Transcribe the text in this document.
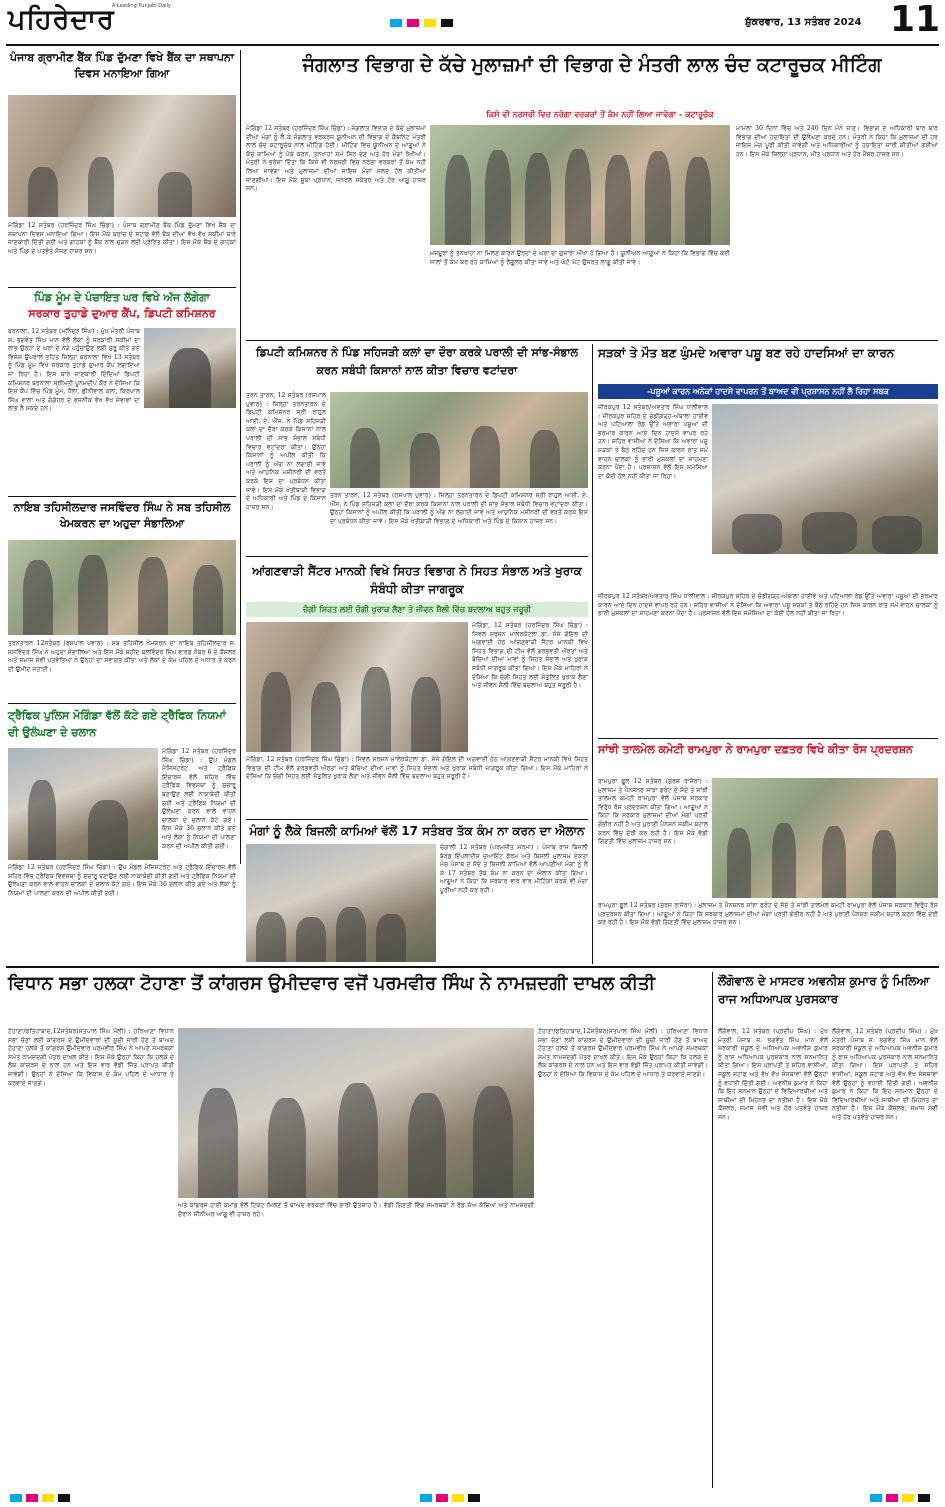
ਪਹਿਰੇਦਾਰ
A Leading Punjabi Daily

ਸ਼ੁੱਕਰਵਾਰ, 13 ਸਤੰਬਰ 2024 11
ਪੰਜਾਬ ਗ੍ਰਾਮੀਣ ਬੈਂਕ ਪਿੰਡ ਦੁੱਮਣਾ ਵਿਖੇ ਬੈਂਕ ਦਾ ਸਥਾਪਨਾ ਦਿਵਸ ਮਨਾਇਆ ਗਿਆ
ਮੋਗਿੰਡਾ 12 ਸਤੰਬਰ (ਹਰਜਿੰਦਰ ਸਿੰਘ ਚਿੰਡਾ) : ਪੰਜਾਬ ਗ੍ਰਾਮੀਣ ਬੈਂਕ ਪਿੰਡ ਦੁੱਮਣਾ ਵਿਖੇ ਬੈਂਕ ਦਾ ਸਥਾਪਨਾ ਦਿਵਸ ਮਨਾਇਆ ਗਿਆ। ਇਸ ਮੌਕੇ ਬਰਾਂਚ ਦੇ ਸਟਾਫ ਵੱਲੋਂ ਬੈਂਕ ਦੀਆਂ ਵੱਖ ਵੱਖ ਸਕੀਮਾਂ ਬਾਰੇ ਜਾਣਕਾਰੀ ਦਿੱਤੀ ਗਈ ਅਤੇ ਗਾਹਕਾਂ ਨੂੰ ਬੈਂਕ ਨਾਲ ਜੁੜਨ ਲਈ ਪ੍ਰੇਰਿਤ ਕੀਤਾ। ਇਸ ਮੌਕੇ ਬੈਂਕ ਦੇ ਗਾਹਕਾਂ ਅਤੇ ਪਿੰਡ ਦੇ ਪਤਵੰਤੇ ਸੱਜਣ ਹਾਜ਼ਰ ਸਨ।
ਪਿੰਡ ਮੂੰਮ ਦੇ ਪੰਚਾਇਤ ਘਰ ਵਿਖੇ ਅੱਜ ਲੱਗੇਗਾ
ਸਰਕਾਰ ਤੁਹਾਡੇ ਦੁਆਰ ਕੈਂਪ, ਡਿਪਟੀ ਕਮਿਸ਼ਨਰ
ਬਰਨਾਲਾ, 12 ਸਤੰਬਰ (ਮਨਿੰਦਰ ਸਿੰਘ) : ਮੁੱਖ ਮੰਤਰੀ ਪੰਜਾਬ ਸ. ਭਗਵੰਤ ਸਿੰਘ ਮਾਨ ਵੱਲੋਂ ਲੋਕਾਂ ਨੂੰ ਸਰਕਾਰੀ ਸਕੀਮਾਂ ਦਾ ਲਾਭ ਉਨ੍ਹਾਂ ਦੇ ਘਰਾਂ ਦੇ ਨੇੜੇ ਪਹੁੰਚਾਉਣ ਲਈ ਸ਼ੁਰੂ ਕੀਤੇ ਗਏ ਵਿਸ਼ੇਸ਼ ਉਪਰਾਲੇ ਤਹਿਤ ਜ਼ਿਲ੍ਹਾ ਬਰਨਾਲਾ ਵਿਖੇ 13 ਸਤੰਬਰ ਨੂੰ ਪਿੰਡ ਮੂੰਮ ਵਿਖੇ ਸਰਕਾਰ ਤੁਹਾਡੇ ਦੁਆਰ ਕੈਂਪ ਲਗਾਇਆ ਜਾ ਰਿਹਾ ਹੈ। ਇਸ ਬਾਰੇ ਜਾਣਕਾਰੀ ਦਿੰਦਿਆਂ ਡਿਪਟੀ ਕਮਿਸ਼ਨਰ ਬਰਨਾਲਾ ਸ੍ਰੀਮਤੀ ਪੂਨਮਦੀਪ ਕੌਰ ਨੇ ਦੱਸਿਆ ਕਿ ਇਸ ਕੈਂਪ ਵਿੱਚ ਪਿੰਡ ਮੂੰਮ, ਧੌਲਾ, ਛੀਨੀਵਾਲ ਕਲਾਂ, ਕਿਰਪਾਲ ਸਿੰਘ ਵਾਲਾ ਅਤੇ ਗੰਗੋਹਰ ਦੇ ਵਸਨੀਕ ਵੱਖ ਵੱਖ ਸੇਵਾਵਾਂ ਦਾ ਲਾਭ ਲੈ ਸਕਦੇ ਹਨ।
ਨਾਇਬ ਤਹਿਸੀਲਦਾਰ ਜਸਵਿੰਦਰ ਸਿੰਘ ਨੇ ਸਬ ਤਹਿਸੀਲ ਖੇਮਕਰਨ ਦਾ ਅਹੁਦਾ ਸੰਭਾਲਿਆ
ਤਰਨਤਾਰਨ 12ਸਤੰਬਰ (ਰਸ਼ਪਾਲ ਪਵਾਰ) : ਸਬ ਤਹਿਸੀਲ ਖੇਮਕਰਨ ਦਾ ਨਾਇਬ ਤਹਿਸੀਲਦਾਰ ਸ. ਜਸਵਿੰਦਰ ਸਿੰਘ ਨੇ ਅਹੁਦਾ ਸੰਭਾਲਿਆ ਅਤੇ ਇਸ ਮੌਕੇ ਸ਼ਹੀਦ ਬਲਵਿੰਦਰ ਸਿੰਘ ਵਾਰਡ ਨੰਬਰ 6 ਦੇ ਕੌਂਸਲਰ ਅਤੇ ਸਮਾਜ ਸੇਵੀ ਪਤਵੰਤਿਆਂ ਨੇ ਉਨ੍ਹਾਂ ਦਾ ਸਵਾਗਤ ਕੀਤਾ ਅਤੇ ਲੋਕਾਂ ਦੇ ਕੰਮ ਪਹਿਲ ਦੇ ਅਧਾਰ ਤੇ ਕਰਨ ਦੀ ਉਮੀਦ ਜਤਾਈ।
ਟ੍ਰੈਫਿਕ ਪੁਲਿਸ ਮੋਗਿੰਡਾ ਵੱਲੋਂ ਕੱਟੇ ਗਏ ਟ੍ਰੈਫਿਕ ਨਿਯਮਾਂ ਦੀ ਉਲੰਘਣਾ ਦੇ ਚਲਾਨ
ਮੋਗਿੰਡਾ 12 ਸਤੰਬਰ (ਹਰਜਿੰਦਰ ਸਿੰਘ ਚਿੰਡਾ) : ਉਪ ਮੰਡਲ ਮੈਜਿਸਟਰੇਟ ਅਤੇ ਟ੍ਰੈਫਿਕ ਇੰਚਾਰਜ ਵੱਲੋਂ ਸ਼ਹਿਰ ਵਿੱਚ ਟ੍ਰੈਫਿਕ ਵਿਵਸਥਾ ਨੂੰ ਸੁਚਾਰੂ ਬਣਾਉਣ ਲਈ ਨਾਕਾਬੰਦੀ ਕੀਤੀ ਗਈ ਅਤੇ ਟ੍ਰੈਫਿਕ ਨਿਯਮਾਂ ਦੀ ਉਲੰਘਣਾ ਕਰਨ ਵਾਲੇ ਵਾਹਨ ਚਾਲਕਾਂ ਦੇ ਚਲਾਨ ਕੱਟੇ ਗਏ। ਇਸ ਮੌਕੇ 36 ਚਲਾਨ ਕੀਤੇ ਗਏ ਅਤੇ ਲੋਕਾਂ ਨੂੰ ਨਿਯਮਾਂ ਦੀ ਪਾਲਣਾ ਕਰਨ ਦੀ ਅਪੀਲ ਕੀਤੀ ਗਈ।
ਮੋਗਿੰਡਾ 12 ਸਤੰਬਰ (ਹਰਜਿੰਦਰ ਸਿੰਘ ਚਿੰਡਾ) : ਉਪ ਮੰਡਲ ਮੈਜਿਸਟਰੇਟ ਅਤੇ ਟ੍ਰੈਫਿਕ ਇੰਚਾਰਜ ਵੱਲੋਂ ਸ਼ਹਿਰ ਵਿੱਚ ਟ੍ਰੈਫਿਕ ਵਿਵਸਥਾ ਨੂੰ ਸੁਚਾਰੂ ਬਣਾਉਣ ਲਈ ਨਾਕਾਬੰਦੀ ਕੀਤੀ ਗਈ ਅਤੇ ਟ੍ਰੈਫਿਕ ਨਿਯਮਾਂ ਦੀ ਉਲੰਘਣਾ ਕਰਨ ਵਾਲੇ ਵਾਹਨ ਚਾਲਕਾਂ ਦੇ ਚਲਾਨ ਕੱਟੇ ਗਏ। ਇਸ ਮੌਕੇ 36 ਚਲਾਨ ਕੀਤੇ ਗਏ ਅਤੇ ਲੋਕਾਂ ਨੂੰ ਨਿਯਮਾਂ ਦੀ ਪਾਲਣਾ ਕਰਨ ਦੀ ਅਪੀਲ ਕੀਤੀ ਗਈ।
ਜੰਗਲਾਤ ਵਿਭਾਗ ਦੇ ਕੱਚੇ ਮੁਲਾਜ਼ਮਾਂ ਦੀ ਵਿਭਾਗ ਦੇ ਮੰਤਰੀ ਲਾਲ ਚੰਦ ਕਟਾਰੂਚਕ ਮੀਟਿੰਗ
ਕਿਸੇ ਵੀ ਨਰਸਰੀ ਵਿਚ ਨਰੇਗਾ ਵਰਕਰਾਂ ਤੋਂ ਕੰਮ ਨਹੀਂ ਲਿਆ ਜਾਵੇਗਾ - ਕਟਾਰੂਚੱਕ
ਮੋਗਿੰਡਾ 12 ਸਤੰਬਰ (ਹਰਜਿੰਦਰ ਸਿੰਘ ਚਿੰਡਾ) : ਜੰਗਲਾਤ ਵਿਭਾਗ ਦੇ ਕੱਚੇ ਮੁਲਾਜ਼ਮਾਂ ਦੀਆਂ ਮੰਗਾਂ ਨੂੰ ਲੈ ਕੇ ਜੰਗਲਾਤ ਵਰਕਰਜ਼ ਯੂਨੀਅਨ ਦੀ ਵਿਭਾਗ ਦੇ ਕੈਬਨਿਟ ਮੰਤਰੀ ਲਾਲ ਚੰਦ ਕਟਾਰੂਚੱਕ ਨਾਲ ਮੀਟਿੰਗ ਹੋਈ। ਮੀਟਿੰਗ ਵਿਚ ਯੂਨੀਅਨ ਦੇ ਆਗੂਆਂ ਨੇ ਕੱਚੇ ਕਾਮਿਆਂ ਨੂੰ ਪੱਕੇ ਕਰਨ, ਤਨਖਾਹਾਂ ਸਮੇਂ ਸਿਰ ਦੇਣ ਅਤੇ ਹੋਰ ਮੰਗਾਂ ਰੱਖੀਆਂ। ਮੰਤਰੀ ਨੇ ਭਰੋਸਾ ਦਿੱਤਾ ਕਿ ਕਿਸੇ ਵੀ ਨਰਸਰੀ ਵਿਚ ਨਰੇਗਾ ਵਰਕਰਾਂ ਤੋਂ ਕੰਮ ਨਹੀਂ ਲਿਆ ਜਾਵੇਗਾ ਅਤੇ ਮੁਲਾਜ਼ਮਾਂ ਦੀਆਂ ਜਾਇਜ਼ ਮੰਗਾਂ ਜਲਦ ਹੱਲ ਕੀਤੀਆਂ ਜਾਣਗੀਆਂ। ਇਸ ਮੌਕੇ ਸੂਬਾ ਪ੍ਰਧਾਨ, ਜਨਰਲ ਸਕੱਤਰ ਅਤੇ ਹੋਰ ਆਗੂ ਹਾਜ਼ਰ ਸਨ।
ਮਜ਼ਦੂਰਾਂ ਨੂੰ ਤਨਖਾਹਾਂ ਨਾ ਮਿਲਣ ਕਾਰਨ ਉਨ੍ਹਾਂ ਦੇ ਘਰਾਂ ਦਾ ਗੁਜ਼ਾਰਾ ਔਖਾ ਹੋ ਗਿਆ ਹੈ। ਯੂਨੀਅਨ ਆਗੂਆਂ ਨੇ ਕਿਹਾ ਕਿ ਵਿਭਾਗ ਵਿੱਚ ਕਈ ਸਾਲਾਂ ਤੋਂ ਕੰਮ ਕਰ ਰਹੇ ਕਾਮਿਆਂ ਨੂੰ ਰੈਗੂਲਰ ਕੀਤਾ ਜਾਵੇ ਅਤੇ ਘੱਟੋ ਘੱਟ ਉਜਰਤ ਲਾਗੂ ਕੀਤੀ ਜਾਵੇ।
ਮਾਮਲਾ 30 ਦਿਨਾਂ ਵਿੱਚ ਅਤੇ 240 ਦਿਨ ਮੰਨੇ ਜਾਣ। ਵਿਭਾਗ ਦੇ ਅਧਿਕਾਰੀ ਬਾਰ ਬਾਰ ਵਿਭਾਗ ਦੀਆਂ ਹਦਾਇਤਾਂ ਦੀ ਉਲੰਘਣਾ ਕਰਦੇ ਹਨ। ਮੰਤਰੀ ਨੇ ਕਿਹਾ ਕਿ ਮੁਲਾਜ਼ਮਾਂ ਦੀ ਹਰ ਜਾਇਜ਼ ਮੰਗ ਪੂਰੀ ਕੀਤੀ ਜਾਵੇਗੀ ਅਤੇ ਅਧਿਕਾਰੀਆਂ ਨੂੰ ਹਦਾਇਤਾਂ ਜਾਰੀ ਕੀਤੀਆਂ ਗਈਆਂ ਹਨ। ਇਸ ਮੌਕੇ ਜ਼ਿਲ੍ਹਾ ਪ੍ਰਧਾਨ, ਮੀਤ ਪ੍ਰਧਾਨ ਅਤੇ ਹੋਰ ਮੈਂਬਰ ਹਾਜ਼ਰ ਸਨ।
ਡਿਪਟੀ ਕਮਿਸ਼ਨਰ ਨੇ ਪਿੰਡ ਸਹਿਜੜੀ ਕਲਾਂ ਦਾ ਦੌਰਾ ਕਰਕੇ ਪਰਾਲੀ ਦੀ ਸਾਂਭ-ਸੰਭਾਲ ਕਰਨ ਸਬੰਧੀ ਕਿਸਾਨਾਂ ਨਾਲ ਕੀਤਾ ਵਿਚਾਰ ਵਟਾਂਦਰਾ
ਤਰਨ ਤਾਰਨ, 12 ਸਤੰਬਰ (ਰਸ਼ਪਾਲ ਪੁਵਾਰ) : ਜ਼ਿਲ੍ਹਾ ਤਰਨਤਾਰਨ ਦੇ ਡਿਪਟੀ ਕਮਿਸ਼ਨਰ ਸ੍ਰੀ ਰਾਹੁਲ ਆਈ. ਏ. ਐੱਸ. ਨੇ ਪਿੰਡ ਸਹਿਜੜੀ ਕਲਾਂ ਦਾ ਦੌਰਾ ਕਰਕੇ ਕਿਸਾਨਾਂ ਨਾਲ ਪਰਾਲੀ ਦੀ ਸਾਂਭ ਸੰਭਾਲ ਸਬੰਧੀ ਵਿਚਾਰ ਵਟਾਂਦਰਾ ਕੀਤਾ। ਉਨ੍ਹਾਂ ਕਿਸਾਨਾਂ ਨੂੰ ਅਪੀਲ ਕੀਤੀ ਕਿ ਪਰਾਲੀ ਨੂੰ ਅੱਗ ਨਾ ਲਗਾਈ ਜਾਵੇ ਅਤੇ ਆਧੁਨਿਕ ਮਸ਼ੀਨਰੀ ਦੀ ਵਰਤੋਂ ਕਰਕੇ ਇਸ ਦਾ ਪ੍ਰਬੰਧਨ ਕੀਤਾ ਜਾਵੇ। ਇਸ ਮੌਕੇ ਖੇਤੀਬਾੜੀ ਵਿਭਾਗ ਦੇ ਅਧਿਕਾਰੀ ਅਤੇ ਪਿੰਡ ਦੇ ਕਿਸਾਨ ਹਾਜ਼ਰ ਸਨ।
ਤਰਨ ਤਾਰਨ, 12 ਸਤੰਬਰ (ਰਸ਼ਪਾਲ ਪੁਵਾਰ) : ਜ਼ਿਲ੍ਹਾ ਤਰਨਤਾਰਨ ਦੇ ਡਿਪਟੀ ਕਮਿਸ਼ਨਰ ਸ੍ਰੀ ਰਾਹੁਲ ਆਈ. ਏ. ਐੱਸ. ਨੇ ਪਿੰਡ ਸਹਿਜੜੀ ਕਲਾਂ ਦਾ ਦੌਰਾ ਕਰਕੇ ਕਿਸਾਨਾਂ ਨਾਲ ਪਰਾਲੀ ਦੀ ਸਾਂਭ ਸੰਭਾਲ ਸਬੰਧੀ ਵਿਚਾਰ ਵਟਾਂਦਰਾ ਕੀਤਾ। ਉਨ੍ਹਾਂ ਕਿਸਾਨਾਂ ਨੂੰ ਅਪੀਲ ਕੀਤੀ ਕਿ ਪਰਾਲੀ ਨੂੰ ਅੱਗ ਨਾ ਲਗਾਈ ਜਾਵੇ ਅਤੇ ਆਧੁਨਿਕ ਮਸ਼ੀਨਰੀ ਦੀ ਵਰਤੋਂ ਕਰਕੇ ਇਸ ਦਾ ਪ੍ਰਬੰਧਨ ਕੀਤਾ ਜਾਵੇ। ਇਸ ਮੌਕੇ ਖੇਤੀਬਾੜੀ ਵਿਭਾਗ ਦੇ ਅਧਿਕਾਰੀ ਅਤੇ ਪਿੰਡ ਦੇ ਕਿਸਾਨ ਹਾਜ਼ਰ ਸਨ।
ਆਂਗਣਵਾੜੀ ਸੈਂਟਰ ਮਾਨਕੀ ਵਿਖੇ ਸਿਹਤ ਵਿਭਾਗ ਨੇ ਸਿਹਤ ਸੰਭਾਲ ਅਤੇ ਖੁਰਾਕ ਸੰਬੰਧੀ ਕੀਤਾ ਜਾਗਰੂਕ
ਚੰਗੀ ਸਿਹਤ ਲਈ ਚੰਗੀ ਖੁਰਾਕ ਲੈਣਾ ਤੇ ਜੀਵਨ ਸ਼ੈਲੀ ਵਿੱਚ ਬਦਲਾਅ ਬਹੁਤ ਜਰੂਰੀ
ਮੋਗਿੰਡਾ, 12 ਸਤੰਬਰ (ਹਰਜਿੰਦਰ ਸਿੰਘ ਚਿੰਡਾ) : ਸਿਵਲ ਸਰਜਨ ਮਾਲੇਰਕੋਟਲਾ ਡਾ. ਸੰਜੇ ਗੋਇਲ ਦੀ ਅਗਵਾਈ ਹੇਠ ਆਂਗਣਵਾੜੀ ਸੈਂਟਰ ਮਾਨਕੀ ਵਿਖੇ ਸਿਹਤ ਵਿਭਾਗ ਦੀ ਟੀਮ ਵੱਲੋਂ ਗਰਭਵਤੀ ਔਰਤਾਂ ਅਤੇ ਬੱਚਿਆਂ ਦੀਆਂ ਮਾਵਾਂ ਨੂੰ ਸਿਹਤ ਸੰਭਾਲ ਅਤੇ ਖੁਰਾਕ ਸਬੰਧੀ ਜਾਗਰੂਕ ਕੀਤਾ ਗਿਆ। ਇਸ ਮੌਕੇ ਮਾਹਿਰਾਂ ਨੇ ਦੱਸਿਆ ਕਿ ਚੰਗੀ ਸਿਹਤ ਲਈ ਸੰਤੁਲਿਤ ਖੁਰਾਕ ਲੈਣਾ ਅਤੇ ਜੀਵਨ ਸ਼ੈਲੀ ਵਿੱਚ ਬਦਲਾਅ ਬਹੁਤ ਜ਼ਰੂਰੀ ਹੈ।
ਮੋਗਿੰਡਾ, 12 ਸਤੰਬਰ (ਹਰਜਿੰਦਰ ਸਿੰਘ ਚਿੰਡਾ) : ਸਿਵਲ ਸਰਜਨ ਮਾਲੇਰਕੋਟਲਾ ਡਾ. ਸੰਜੇ ਗੋਇਲ ਦੀ ਅਗਵਾਈ ਹੇਠ ਆਂਗਣਵਾੜੀ ਸੈਂਟਰ ਮਾਨਕੀ ਵਿਖੇ ਸਿਹਤ ਵਿਭਾਗ ਦੀ ਟੀਮ ਵੱਲੋਂ ਗਰਭਵਤੀ ਔਰਤਾਂ ਅਤੇ ਬੱਚਿਆਂ ਦੀਆਂ ਮਾਵਾਂ ਨੂੰ ਸਿਹਤ ਸੰਭਾਲ ਅਤੇ ਖੁਰਾਕ ਸਬੰਧੀ ਜਾਗਰੂਕ ਕੀਤਾ ਗਿਆ। ਇਸ ਮੌਕੇ ਮਾਹਿਰਾਂ ਨੇ ਦੱਸਿਆ ਕਿ ਚੰਗੀ ਸਿਹਤ ਲਈ ਸੰਤੁਲਿਤ ਖੁਰਾਕ ਲੈਣਾ ਅਤੇ ਜੀਵਨ ਸ਼ੈਲੀ ਵਿੱਚ ਬਦਲਾਅ ਬਹੁਤ ਜ਼ਰੂਰੀ ਹੈ।
ਮੰਗਾਂ ਨੂੰ ਲੈਕੇ ਬਿਜਲੀ ਕਾਮਿਆਂ ਵੱਲੋਂ 17 ਸਤੰਬਰ ਤੱਕ ਕੰਮ ਨਾ ਕਰਨ ਦਾ ਐਲਾਨ
ਚੰਗਾਲੀ 12 ਸਤੰਬਰ (ਪਰਮਜੀਤ ਸਰਮਾ) : ਪੰਜਾਬ ਰਾਜ ਬਿਜਲੀ ਬੋਰਡ ਇੰਪਲਾਈਜ਼ ਜੁਆਇੰਟ ਫੋਰਮ ਅਤੇ ਬਿਜਲੀ ਮੁਲਾਜ਼ਮ ਏਕਤਾ ਮੰਚ ਪੰਜਾਬ ਦੇ ਸੱਦੇ ਤੇ ਬਿਜਲੀ ਕਾਮਿਆਂ ਵੱਲੋਂ ਆਪਣੀਆਂ ਮੰਗਾਂ ਨੂੰ ਲੈ ਕੇ 17 ਸਤੰਬਰ ਤੱਕ ਕੰਮ ਨਾ ਕਰਨ ਦਾ ਐਲਾਨ ਕੀਤਾ ਗਿਆ। ਆਗੂਆਂ ਨੇ ਕਿਹਾ ਕਿ ਸਰਕਾਰ ਵਾਰ ਵਾਰ ਮੀਟਿੰਗਾਂ ਕਰਕੇ ਵੀ ਮੰਗਾਂ ਪੂਰੀਆਂ ਨਹੀਂ ਕਰ ਰਹੀ।
ਸੜਕਾਂ ਤੇ ਮੌਤ ਬਣ ਘੁੰਮਦੇ ਅਵਾਰਾ ਪਸ਼ੂ ਬਣ ਰਹੇ ਹਾਦਸਿਆਂ ਦਾ ਕਾਰਨ
-ਪਸ਼ੂਆਂ ਕਾਰਨ ਅਨੇਕਾਂ ਹਾਦਸੇ ਵਾਪਰਨ ਤੋਂ ਬਾਅਦ ਵੀ ਪ੍ਰਸ਼ਾਸਨ ਨਹੀਂ ਲੈ ਰਿਹਾ ਸਬਕ
ਜੀਰਕਪੁਰ 12 ਸਤੰਬਰ/ਅਵਤਾਰ ਸਿੰਘ ਧਾਲੀਵਾਲ : ਜੀਰਕਪੁਰ ਸ਼ਹਿਰ ਦੇ ਚੰਡੀਗੜ੍ਹ-ਅੰਬਾਲਾ ਹਾਈਵੇ ਅਤੇ ਪਟਿਆਲਾ ਰੋਡ ਉੱਤੇ ਅਵਾਰਾ ਪਸ਼ੂਆਂ ਦੀ ਭਰਮਾਰ ਕਾਰਨ ਆਏ ਦਿਨ ਹਾਦਸੇ ਵਾਪਰ ਰਹੇ ਹਨ। ਸ਼ਹਿਰ ਵਾਸੀਆਂ ਨੇ ਦੱਸਿਆ ਕਿ ਅਵਾਰਾ ਪਸ਼ੂ ਸੜਕਾਂ ਤੇ ਬੈਠੇ ਰਹਿੰਦੇ ਹਨ ਜਿਸ ਕਾਰਨ ਰਾਤ ਸਮੇਂ ਵਾਹਨ ਚਾਲਕਾਂ ਨੂੰ ਭਾਰੀ ਮੁਸ਼ਕਲਾਂ ਦਾ ਸਾਹਮਣਾ ਕਰਨਾ ਪੈਂਦਾ ਹੈ। ਪ੍ਰਸ਼ਾਸਨ ਵੱਲੋਂ ਇਸ ਸਮੱਸਿਆ ਦਾ ਕੋਈ ਹੱਲ ਨਹੀਂ ਕੀਤਾ ਜਾ ਰਿਹਾ।
ਜੀਰਕਪੁਰ 12 ਸਤੰਬਰ/ਅਵਤਾਰ ਸਿੰਘ ਧਾਲੀਵਾਲ : ਜੀਰਕਪੁਰ ਸ਼ਹਿਰ ਦੇ ਚੰਡੀਗੜ੍ਹ-ਅੰਬਾਲਾ ਹਾਈਵੇ ਅਤੇ ਪਟਿਆਲਾ ਰੋਡ ਉੱਤੇ ਅਵਾਰਾ ਪਸ਼ੂਆਂ ਦੀ ਭਰਮਾਰ ਕਾਰਨ ਆਏ ਦਿਨ ਹਾਦਸੇ ਵਾਪਰ ਰਹੇ ਹਨ। ਸ਼ਹਿਰ ਵਾਸੀਆਂ ਨੇ ਦੱਸਿਆ ਕਿ ਅਵਾਰਾ ਪਸ਼ੂ ਸੜਕਾਂ ਤੇ ਬੈਠੇ ਰਹਿੰਦੇ ਹਨ ਜਿਸ ਕਾਰਨ ਰਾਤ ਸਮੇਂ ਵਾਹਨ ਚਾਲਕਾਂ ਨੂੰ ਭਾਰੀ ਮੁਸ਼ਕਲਾਂ ਦਾ ਸਾਹਮਣਾ ਕਰਨਾ ਪੈਂਦਾ ਹੈ। ਪ੍ਰਸ਼ਾਸਨ ਵੱਲੋਂ ਇਸ ਸਮੱਸਿਆ ਦਾ ਕੋਈ ਹੱਲ ਨਹੀਂ ਕੀਤਾ ਜਾ ਰਿਹਾ।
ਸਾਂਝੀ ਤਾਲਮੇਲ ਕਮੇਟੀ ਰਾਮਪੁਰਾ ਨੇ ਰਾਮਪੁਰਾ ਦਫ਼ਤਰ ਵਿਖੇ ਕੀਤਾ ਰੋਸ ਪ੍ਰਦਰਸ਼ਨ
ਰਾਮਪੁਰਾ ਫੂਲ 12 ਸਤੰਬਰ (ਸੁਰਜ ਰਾਜੋਰਾ) : ਮੁਲਾਜ਼ਮ ਤੇ ਪੈਨਸ਼ਨਰ ਸਾਂਝਾ ਫਰੰਟ ਦੇ ਸੱਦੇ ਤੇ ਸਾਂਝੀ ਤਾਲਮੇਲ ਕਮੇਟੀ ਰਾਮਪੁਰਾ ਵੱਲੋਂ ਪੰਜਾਬ ਸਰਕਾਰ ਵਿਰੁੱਧ ਰੋਸ ਪ੍ਰਦਰਸ਼ਨ ਕੀਤਾ ਗਿਆ। ਆਗੂਆਂ ਨੇ ਕਿਹਾ ਕਿ ਸਰਕਾਰ ਮੁਲਾਜ਼ਮਾਂ ਦੀਆਂ ਮੰਗਾਂ ਪ੍ਰਤੀ ਗੰਭੀਰ ਨਹੀਂ ਹੈ ਅਤੇ ਪੁਰਾਣੀ ਪੈਨਸ਼ਨ ਸਕੀਮ ਬਹਾਲ ਕਰਨ ਵਿੱਚ ਦੇਰੀ ਕਰ ਰਹੀ ਹੈ। ਇਸ ਮੌਕੇ ਵੱਡੀ ਗਿਣਤੀ ਵਿੱਚ ਮੁਲਾਜ਼ਮ ਹਾਜ਼ਰ ਸਨ।
ਰਾਮਪੁਰਾ ਫੂਲ 12 ਸਤੰਬਰ (ਸੁਰਜ ਰਾਜੋਰਾ) : ਮੁਲਾਜ਼ਮ ਤੇ ਪੈਨਸ਼ਨਰ ਸਾਂਝਾ ਫਰੰਟ ਦੇ ਸੱਦੇ ਤੇ ਸਾਂਝੀ ਤਾਲਮੇਲ ਕਮੇਟੀ ਰਾਮਪੁਰਾ ਵੱਲੋਂ ਪੰਜਾਬ ਸਰਕਾਰ ਵਿਰੁੱਧ ਰੋਸ ਪ੍ਰਦਰਸ਼ਨ ਕੀਤਾ ਗਿਆ। ਆਗੂਆਂ ਨੇ ਕਿਹਾ ਕਿ ਸਰਕਾਰ ਮੁਲਾਜ਼ਮਾਂ ਦੀਆਂ ਮੰਗਾਂ ਪ੍ਰਤੀ ਗੰਭੀਰ ਨਹੀਂ ਹੈ ਅਤੇ ਪੁਰਾਣੀ ਪੈਨਸ਼ਨ ਸਕੀਮ ਬਹਾਲ ਕਰਨ ਵਿੱਚ ਦੇਰੀ ਕਰ ਰਹੀ ਹੈ। ਇਸ ਮੌਕੇ ਵੱਡੀ ਗਿਣਤੀ ਵਿੱਚ ਮੁਲਾਜ਼ਮ ਹਾਜ਼ਰ ਸਨ।
ਵਿਧਾਨ ਸਭਾ ਹਲਕਾ ਟੋਹਾਣਾ ਤੋਂ ਕਾਂਗਰਸ ਉਮੀਦਵਾਰ ਵਜੋਂ ਪਰਮਵੀਰ ਸਿੰਘ ਨੇ ਨਾਮਜ਼ਦਗੀ ਦਾਖਲ ਕੀਤੀ
ਟੋਹਾਣਾ/ਫਤਿਹਾਬਾਦ,12ਸਤੰਬਰ(ਸਤਪਾਲ ਸਿੰਘ ਮੱਲੀ) : ਹਰਿਆਣਾ ਵਿਧਾਨ ਸਭਾ ਚੋਣਾਂ ਲਈ ਕਾਂਗਰਸ ਦੇ ਉਮੀਦਵਾਰਾਂ ਦੀ ਸੂਚੀ ਜਾਰੀ ਹੋਣ ਤੋਂ ਬਾਅਦ ਟੋਹਾਣਾ ਹਲਕੇ ਤੋਂ ਕਾਂਗਰਸ ਉਮੀਦਵਾਰ ਪਰਮਵੀਰ ਸਿੰਘ ਨੇ ਆਪਣੇ ਸਮਰਥਕਾਂ ਸਮੇਤ ਨਾਮਜ਼ਦਗੀ ਪੱਤਰ ਦਾਖਲ ਕੀਤੇ। ਇਸ ਮੌਕੇ ਉਨ੍ਹਾਂ ਕਿਹਾ ਕਿ ਹਲਕੇ ਦੇ ਲੋਕ ਕਾਂਗਰਸ ਦੇ ਨਾਲ ਹਨ ਅਤੇ ਇਸ ਵਾਰ ਵੱਡੀ ਜਿੱਤ ਪ੍ਰਾਪਤ ਕੀਤੀ ਜਾਵੇਗੀ। ਉਨ੍ਹਾਂ ਨੇ ਦੱਸਿਆ ਕਿ ਵਿਕਾਸ ਦੇ ਕੰਮ ਪਹਿਲ ਦੇ ਆਧਾਰ ਤੇ ਕਰਵਾਏ ਜਾਣਗੇ।
ਅਤੇ ਕਾਂਗਰਸ ਹਾਈ ਕਮਾਂਡ ਵੱਲੋਂ ਟਿਕਟ ਮਿਲਣ ਤੋਂ ਬਾਅਦ ਵਰਕਰਾਂ ਵਿੱਚ ਭਾਰੀ ਉਤਸ਼ਾਹ ਹੈ। ਵੱਡੀ ਗਿਣਤੀ ਵਿੱਚ ਸਮਰਥਕਾਂ ਨੇ ਰੋਡ ਸ਼ੋਅ ਕੱਢਿਆ ਅਤੇ ਨਾਮਜ਼ਦਗੀ ਦੌਰਾਨ ਸੀਨੀਅਰ ਆਗੂ ਵੀ ਹਾਜ਼ਰ ਰਹੇ।
ਟੋਹਾਣਾ/ਫਤਿਹਾਬਾਦ,12ਸਤੰਬਰ(ਸਤਪਾਲ ਸਿੰਘ ਮੱਲੀ) : ਹਰਿਆਣਾ ਵਿਧਾਨ ਸਭਾ ਚੋਣਾਂ ਲਈ ਕਾਂਗਰਸ ਦੇ ਉਮੀਦਵਾਰਾਂ ਦੀ ਸੂਚੀ ਜਾਰੀ ਹੋਣ ਤੋਂ ਬਾਅਦ ਟੋਹਾਣਾ ਹਲਕੇ ਤੋਂ ਕਾਂਗਰਸ ਉਮੀਦਵਾਰ ਪਰਮਵੀਰ ਸਿੰਘ ਨੇ ਆਪਣੇ ਸਮਰਥਕਾਂ ਸਮੇਤ ਨਾਮਜ਼ਦਗੀ ਪੱਤਰ ਦਾਖਲ ਕੀਤੇ। ਇਸ ਮੌਕੇ ਉਨ੍ਹਾਂ ਕਿਹਾ ਕਿ ਹਲਕੇ ਦੇ ਲੋਕ ਕਾਂਗਰਸ ਦੇ ਨਾਲ ਹਨ ਅਤੇ ਇਸ ਵਾਰ ਵੱਡੀ ਜਿੱਤ ਪ੍ਰਾਪਤ ਕੀਤੀ ਜਾਵੇਗੀ। ਉਨ੍ਹਾਂ ਨੇ ਦੱਸਿਆ ਕਿ ਵਿਕਾਸ ਦੇ ਕੰਮ ਪਹਿਲ ਦੇ ਆਧਾਰ ਤੇ ਕਰਵਾਏ ਜਾਣਗੇ।
ਲੌਂਗੋਵਾਲ ਦੇ ਮਾਸਟਰ ਅਵਨੀਸ਼ ਕੁਮਾਰ ਨੂੰ ਮਿਲਿਆ ਰਾਜ ਅਧਿਆਪਕ ਪੁਰਸਕਾਰ
ਲੌਂਗੋਵਾਲ, 12 ਸਤੰਬਰ (ਪ੍ਰਦੀਪ ਸਿੰਘ) : ਮੁੱਖ ਮੰਤਰੀ ਪੰਜਾਬ ਸ. ਭਗਵੰਤ ਸਿੰਘ ਮਾਨ ਵੱਲੋਂ ਸਰਕਾਰੀ ਸਕੂਲ ਦੇ ਅਧਿਆਪਕ ਅਵਨੀਸ਼ ਕੁਮਾਰ ਨੂੰ ਰਾਜ ਅਧਿਆਪਕ ਪੁਰਸਕਾਰ ਨਾਲ ਸਨਮਾਨਿਤ ਕੀਤਾ ਗਿਆ। ਇਸ ਪ੍ਰਾਪਤੀ ਤੇ ਸ਼ਹਿਰ ਵਾਸੀਆਂ, ਸਕੂਲ ਸਟਾਫ ਅਤੇ ਵੱਖ ਵੱਖ ਸੰਸਥਾਵਾਂ ਵੱਲੋਂ ਉਨ੍ਹਾਂ ਨੂੰ ਵਧਾਈ ਦਿੱਤੀ ਗਈ। ਅਵਨੀਸ਼ ਕੁਮਾਰ ਨੇ ਕਿਹਾ ਕਿ ਇਹ ਸਨਮਾਨ ਉਨ੍ਹਾਂ ਦੇ ਵਿਦਿਆਰਥੀਆਂ ਅਤੇ ਸਾਥੀਆਂ ਦੀ ਮਿਹਨਤ ਦਾ ਨਤੀਜਾ ਹੈ। ਇਸ ਮੌਕੇ ਕੌਂਸਲਰ, ਸਮਾਜ ਸੇਵੀ ਅਤੇ ਹੋਰ ਪਤਵੰਤੇ ਹਾਜ਼ਰ ਸਨ।
ਲੌਂਗੋਵਾਲ, 12 ਸਤੰਬਰ (ਪ੍ਰਦੀਪ ਸਿੰਘ) : ਮੁੱਖ ਮੰਤਰੀ ਪੰਜਾਬ ਸ. ਭਗਵੰਤ ਸਿੰਘ ਮਾਨ ਵੱਲੋਂ ਸਰਕਾਰੀ ਸਕੂਲ ਦੇ ਅਧਿਆਪਕ ਅਵਨੀਸ਼ ਕੁਮਾਰ ਨੂੰ ਰਾਜ ਅਧਿਆਪਕ ਪੁਰਸਕਾਰ ਨਾਲ ਸਨਮਾਨਿਤ ਕੀਤਾ ਗਿਆ। ਇਸ ਪ੍ਰਾਪਤੀ ਤੇ ਸ਼ਹਿਰ ਵਾਸੀਆਂ, ਸਕੂਲ ਸਟਾਫ ਅਤੇ ਵੱਖ ਵੱਖ ਸੰਸਥਾਵਾਂ ਵੱਲੋਂ ਉਨ੍ਹਾਂ ਨੂੰ ਵਧਾਈ ਦਿੱਤੀ ਗਈ। ਅਵਨੀਸ਼ ਕੁਮਾਰ ਨੇ ਕਿਹਾ ਕਿ ਇਹ ਸਨਮਾਨ ਉਨ੍ਹਾਂ ਦੇ ਵਿਦਿਆਰਥੀਆਂ ਅਤੇ ਸਾਥੀਆਂ ਦੀ ਮਿਹਨਤ ਦਾ ਨਤੀਜਾ ਹੈ। ਇਸ ਮੌਕੇ ਕੌਂਸਲਰ, ਸਮਾਜ ਸੇਵੀ ਅਤੇ ਹੋਰ ਪਤਵੰਤੇ ਹਾਜ਼ਰ ਸਨ।
